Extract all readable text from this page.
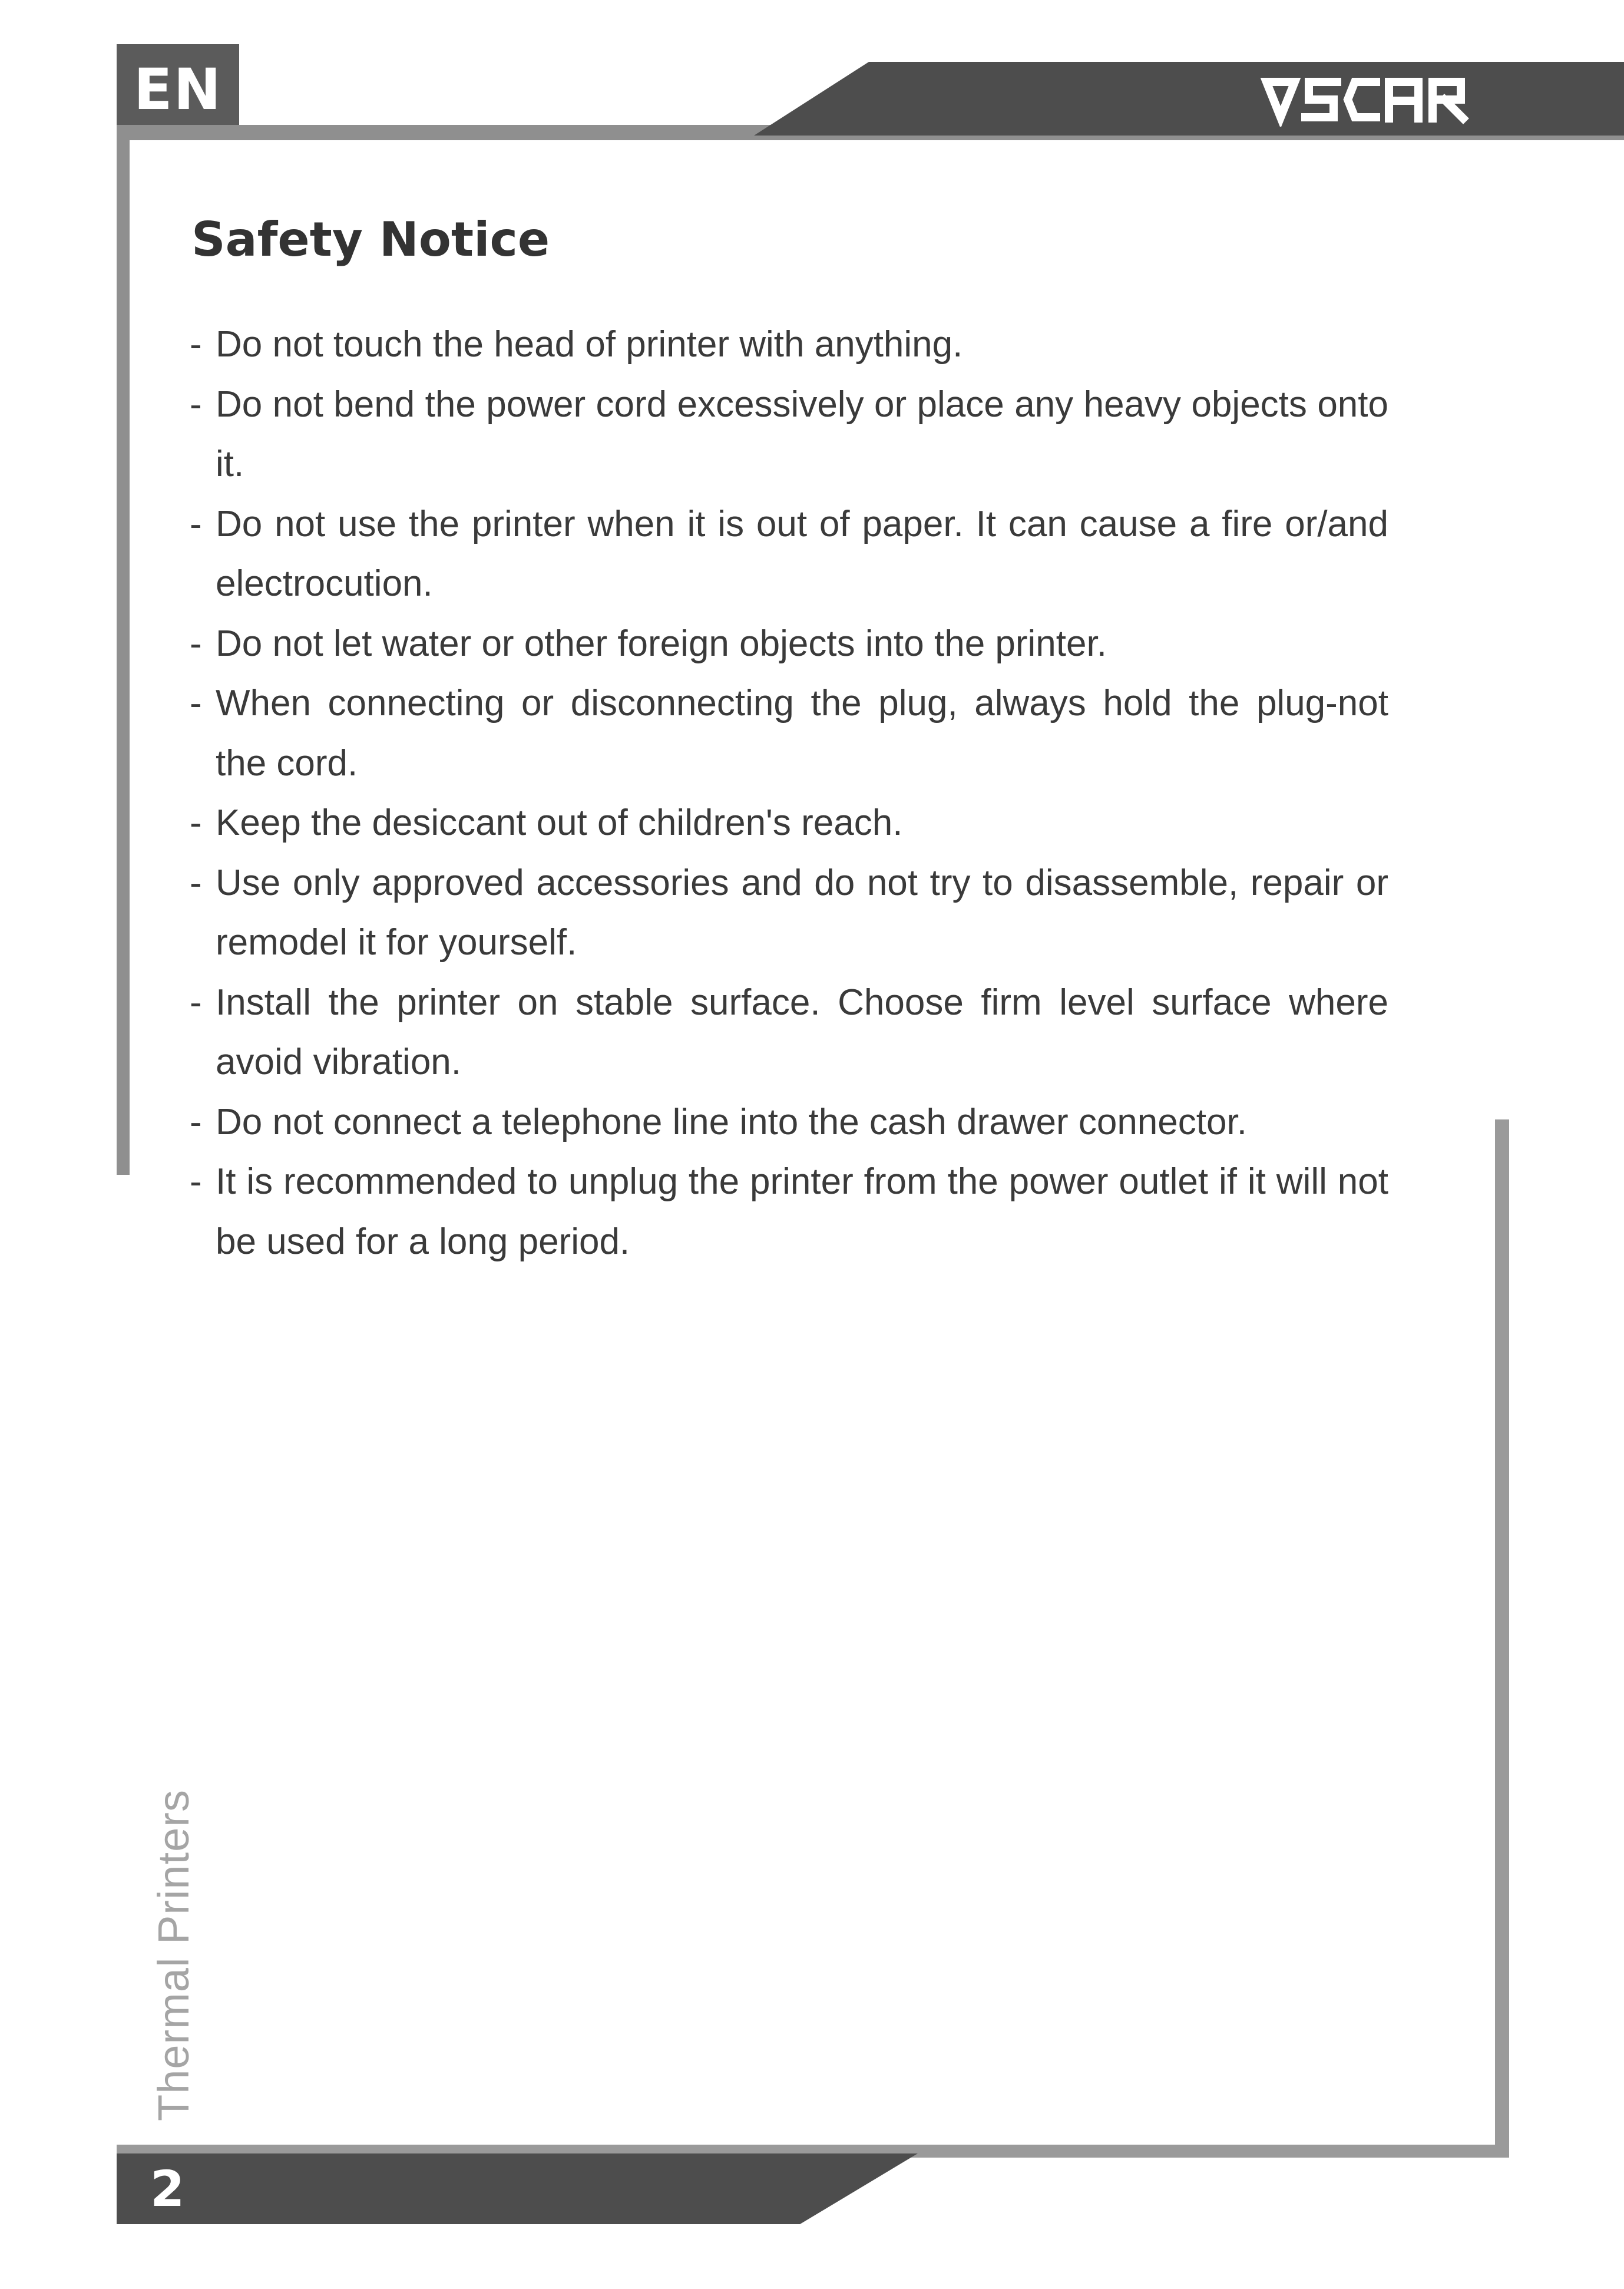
EN
Safety Notice
- Do not touch the head of printer with anything.
- Do not bend the power cord excessively or place any heavy objects onto it.
- Do not use the printer when it is out of paper. It can cause a fire or/and electrocution.
- Do not let water or other foreign objects into the printer.
- When connecting or disconnecting the plug, always hold the plug-not the cord.
- Keep the desiccant out of children's reach.
- Use only approved accessories and do not try to disassemble, repair or remodel it for yourself.
- Install the printer on stable surface. Choose firm level surface where avoid vibration.
- Do not connect a telephone line into the cash drawer connector.
- It is recommended to unplug the printer from the power outlet if it will not be used for a long period.
Thermal Printers
2
